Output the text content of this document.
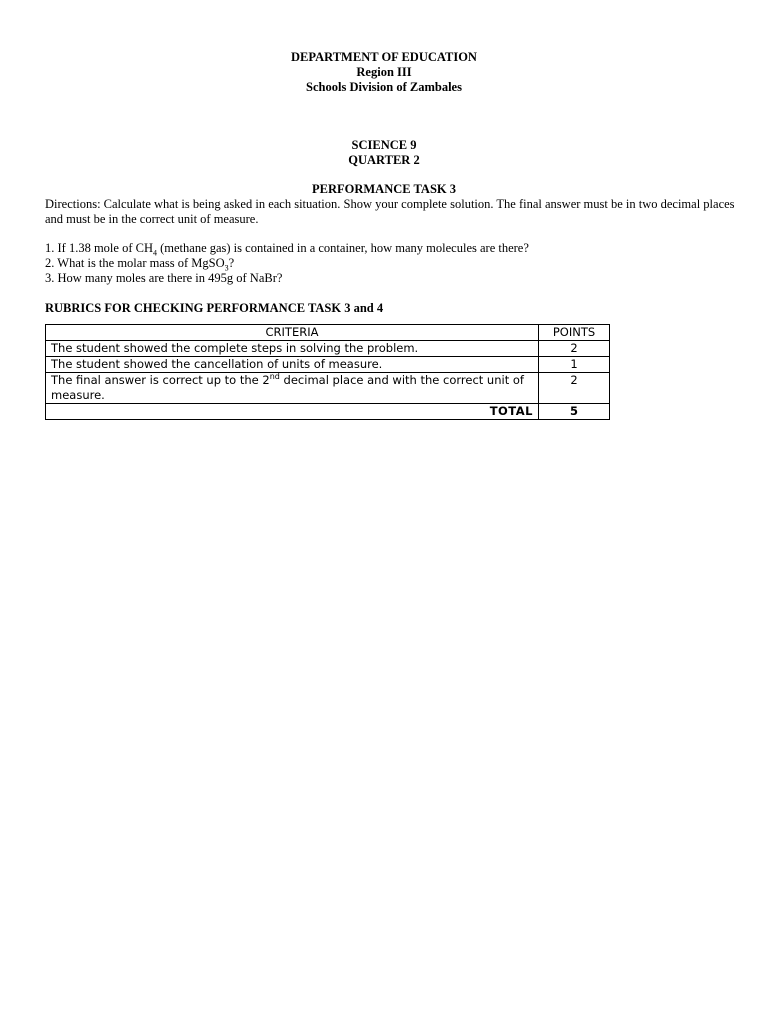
DEPARTMENT OF EDUCATION
Region III
Schools Division of Zambales
SCIENCE 9
QUARTER 2
PERFORMANCE TASK 3
Directions: Calculate what is being asked in each situation. Show your complete solution. The final answer must be in two decimal places and must be in the correct unit of measure.
1. If 1.38 mole of $CH_4$ (methane gas) is contained in a container, how many molecules are there?
2. What is the molar mass of MgSO$_3$?
3. How many moles are there in 495g of NaBr?
RUBRICS FOR CHECKING PERFORMANCE TASK 3 and 4
CRITERIA	POINTS
The student showed the complete steps in solving the problem.	2
The student showed the cancellation of units of measure.	1
The final answer is correct up to the 2nd decimal place and with the correct unit of measure.	2
TOTAL	5
